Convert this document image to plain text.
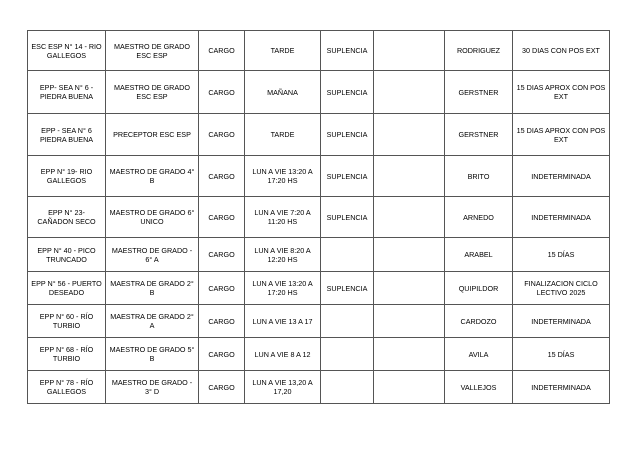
ESC ESP N° 14 - RIO GALLEGOS	MAESTRO DE GRADO ESC ESP	CARGO	TARDE	SUPLENCIA		RODRIGUEZ	30 DIAS CON POS EXT
EPP- SEA N° 6 - PIEDRA BUENA	MAESTRO DE GRADO ESC ESP	CARGO	MAÑANA	SUPLENCIA		GERSTNER	15 DIAS APROX CON POS EXT
EPP - SEA N° 6 PIEDRA BUENA	PRECEPTOR ESC ESP	CARGO	TARDE	SUPLENCIA		GERSTNER	15 DIAS APROX CON POS EXT
EPP N° 19- RIO GALLEGOS	MAESTRO DE GRADO 4° B	CARGO	LUN A VIE 13:20 A 17:20 HS	SUPLENCIA		BRITO	INDETERMINADA
EPP N° 23- CAÑADON SECO	MAESTRO DE GRADO 6° UNICO	CARGO	LUN A VIE 7:20 A 11:20 HS	SUPLENCIA		ARNEDO	INDETERMINADA
EPP N° 40 - PICO TRUNCADO	MAESTRO DE GRADO - 6° A	CARGO	LUN A VIE 8:20 A 12:20 HS			ARABEL	15 DÍAS
EPP N° 56 - PUERTO DESEADO	MAESTRA DE GRADO 2° B	CARGO	LUN A VIE 13:20 A 17:20 HS	SUPLENCIA		QUIPILDOR	FINALIZACION CICLO LECTIVO 2025
EPP N° 60 - RÍO TURBIO	MAESTRA DE GRADO 2° A	CARGO	LUN A VIE 13 A 17			CARDOZO	INDETERMINADA
EPP N° 68 - RÍO TURBIO	MAESTRO DE GRADO 5° B	CARGO	LUN A VIE 8 A 12			AVILA	15 DÍAS
EPP N° 78 - RÍO GALLEGOS	MAESTRO DE GRADO - 3° D	CARGO	LUN A VIE 13,20 A 17,20			VALLEJOS	INDETERMINADA
